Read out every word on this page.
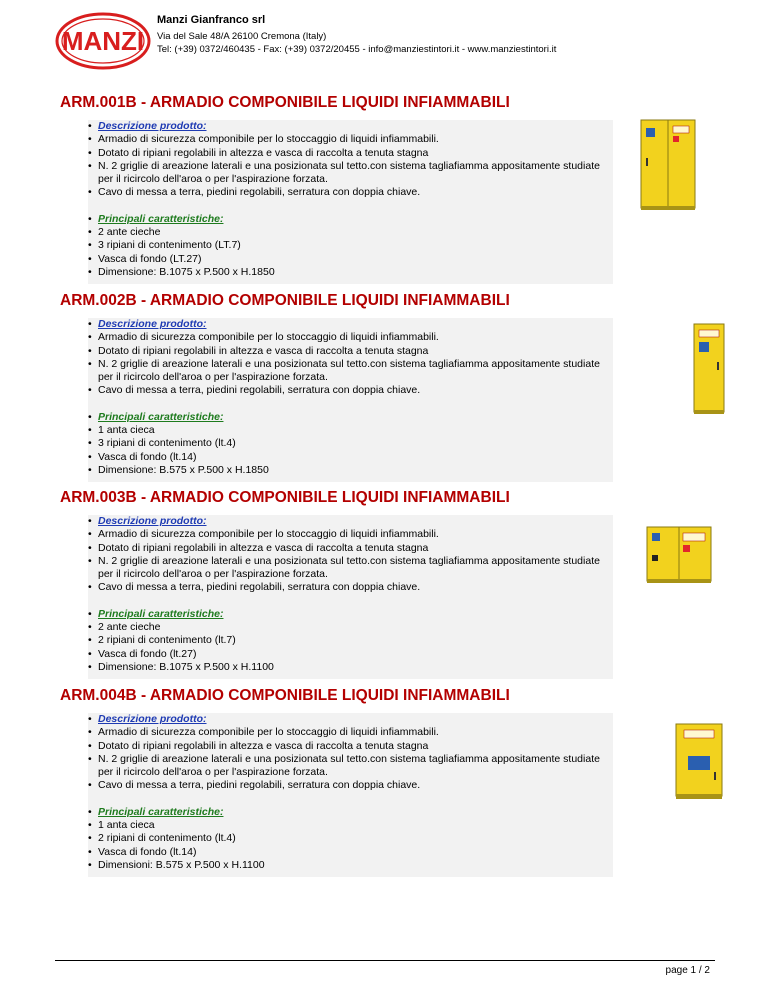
MANZI
Manzi Gianfranco srl
Via del Sale 48/A 26100 Cremona (Italy)
Tel: (+39) 0372/460435 - Fax: (+39) 0372/20455 - info@manziestintori.it - www.manziestintori.it
ARM.001B - ARMADIO COMPONIBILE LIQUIDI INFIAMMABILI
• Descrizione prodotto:
• Armadio di sicurezza componibile per lo stoccaggio di liquidi infiammabili.
• Dotato di ripiani regolabili in altezza e vasca di raccolta a tenuta stagna
• N. 2 griglie di areazione laterali e una posizionata sul tetto.con sistema tagliafiamma appositamente studiate per il ricircolo dell'aroa o per l'aspirazione forzata.
• Cavo di messa a terra, piedini regolabili, serratura con doppia chiave.
• Principali caratteristiche:
• 2 ante cieche
• 3 ripiani di contenimento (LT.7)
• Vasca di fondo (LT.27)
• Dimensione: B.1075 x P.500 x H.1850
ARM.002B - ARMADIO COMPONIBILE LIQUIDI INFIAMMABILI
• Descrizione prodotto:
• Armadio di sicurezza componibile per lo stoccaggio di liquidi infiammabili.
• Dotato di ripiani regolabili in altezza e vasca di raccolta a tenuta stagna
• N. 2 griglie di areazione laterali e una posizionata sul tetto.con sistema tagliafiamma appositamente studiate per il ricircolo dell'aroa o per l'aspirazione forzata.
• Cavo di messa a terra, piedini regolabili, serratura con doppia chiave.
• Principali caratteristiche:
• 1 anta cieca
• 3 ripiani di contenimento (lt.4)
• Vasca di fondo (lt.14)
• Dimensione: B.575 x P.500 x H.1850
ARM.003B - ARMADIO COMPONIBILE LIQUIDI INFIAMMABILI
• Descrizione prodotto:
• Armadio di sicurezza componibile per lo stoccaggio di liquidi infiammabili.
• Dotato di ripiani regolabili in altezza e vasca di raccolta a tenuta stagna
• N. 2 griglie di areazione laterali e una posizionata sul tetto.con sistema tagliafiamma appositamente studiate per il ricircolo dell'aroa o per l'aspirazione forzata.
• Cavo di messa a terra, piedini regolabili, serratura con doppia chiave.
• Principali caratteristiche:
• 2 ante cieche
• 2 ripiani di contenimento (lt.7)
• Vasca di fondo (lt.27)
• Dimensione: B.1075 x P.500 x H.1100
ARM.004B - ARMADIO COMPONIBILE LIQUIDI INFIAMMABILI
• Descrizione prodotto:
• Armadio di sicurezza componibile per lo stoccaggio di liquidi infiammabili.
• Dotato di ripiani regolabili in altezza e vasca di raccolta a tenuta stagna
• N. 2 griglie di areazione laterali e una posizionata sul tetto.con sistema tagliafiamma appositamente studiate per il ricircolo dell'aroa o per l'aspirazione forzata.
• Cavo di messa a terra, piedini regolabili, serratura con doppia chiave.
• Principali caratteristiche:
• 1 anta cieca
• 2 ripiani di contenimento (lt.4)
• Vasca di fondo (lt.14)
• Dimensioni: B.575 x P.500 x H.1100
page 1 / 2
